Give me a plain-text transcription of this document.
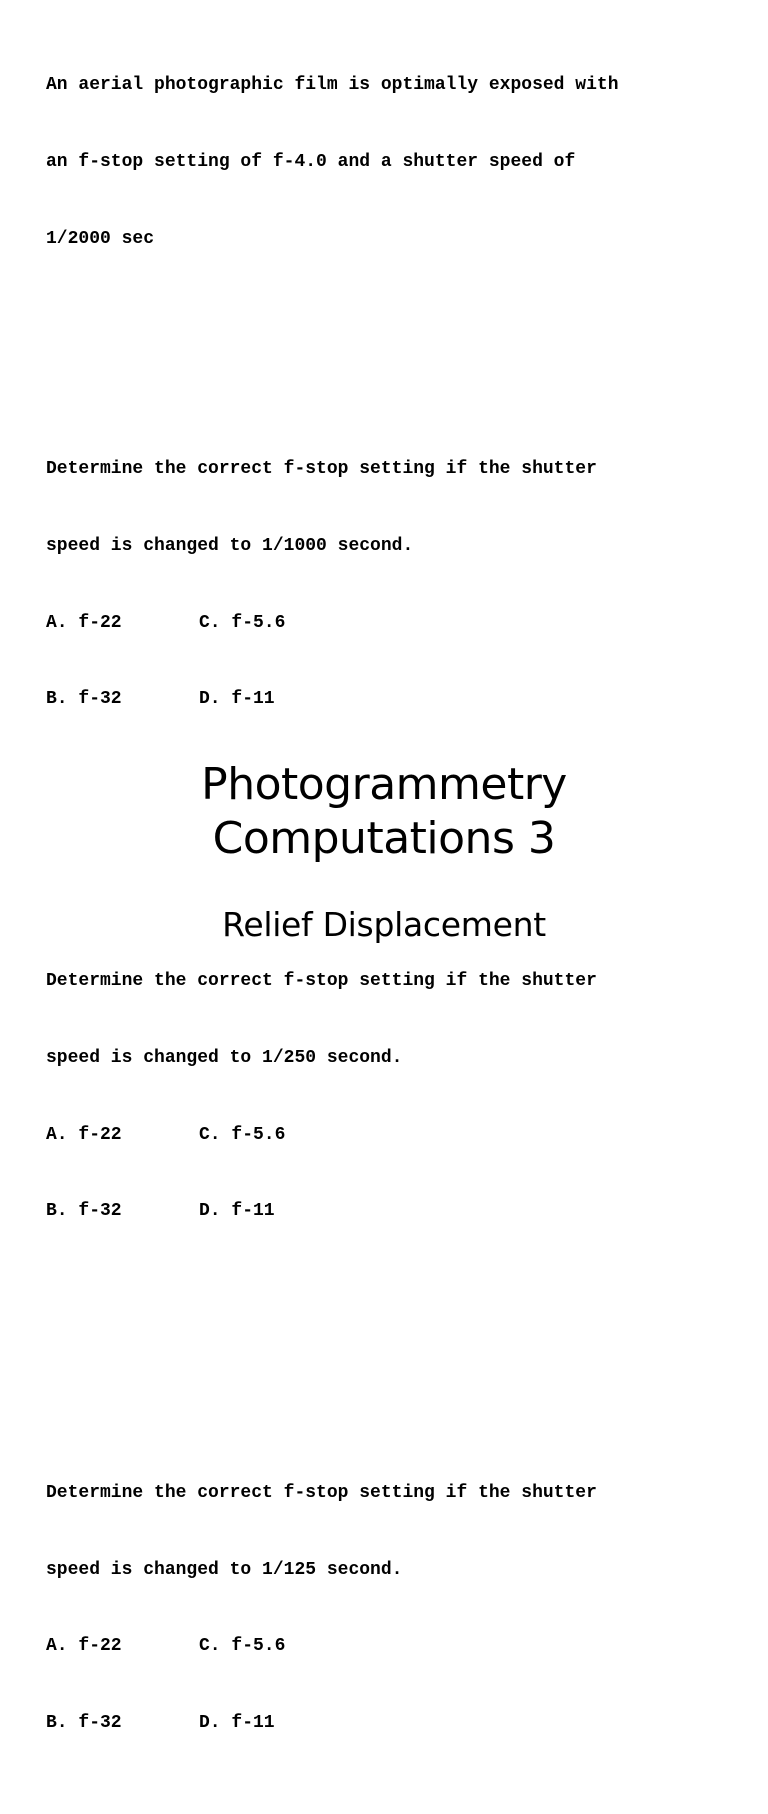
An aerial photographic film is optimally exposed with

an f-stop setting of f-4.0 and a shutter speed of

1/2000 sec

Determine the correct f-stop setting if the shutter

speed is changed to 1/1000 second.

A. f-22	C. f-5.6

B. f-32	D. f-11

Determine the correct f-stop setting if the shutter

speed is changed to 1/250 second.

A. f-22	C. f-5.6

B. f-32	D. f-11

Determine the correct f-stop setting if the shutter

speed is changed to 1/125 second.

A. f-22	C. f-5.6

B. f-32	D. f-11

Photogrammetry
Computations 3
Relief Displacement
